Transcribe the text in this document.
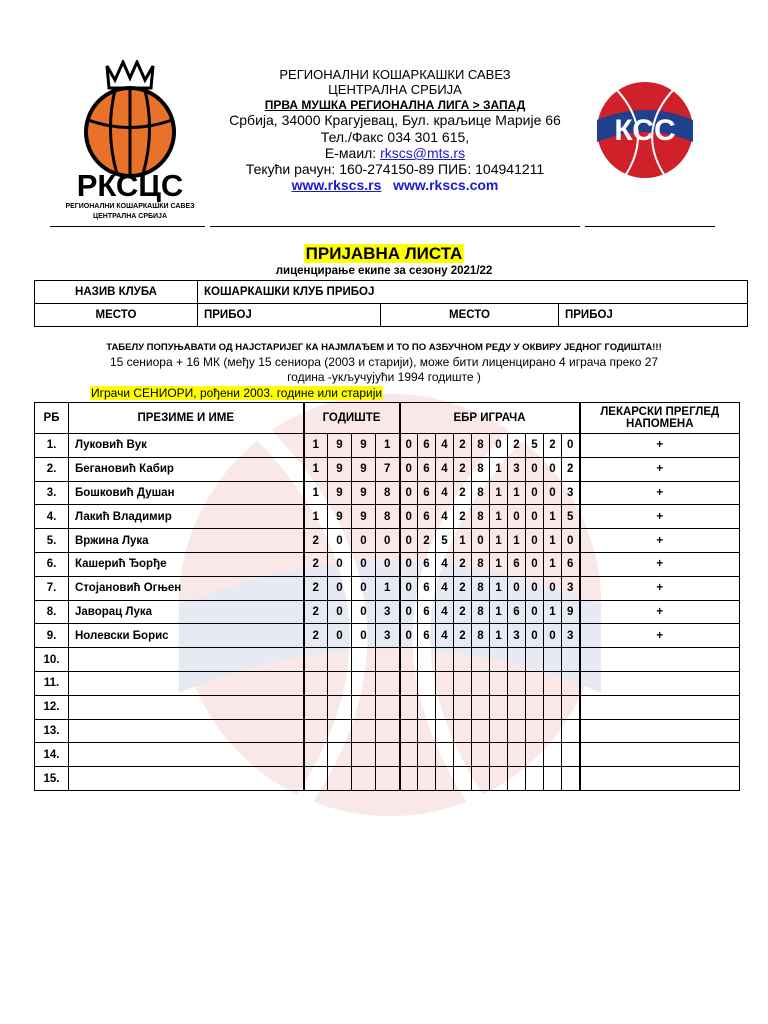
РКСЦС
РЕГИОНАЛНИ КОШАРКАШКИ САВЕЗ
ЦЕНТРАЛНА СРБИЈА
КСС
РЕГИОНАЛНИ КОШАРКАШКИ САВЕЗ
ЦЕНТРАЛНА СРБИЈА
ПРВА МУШКА РЕГИОНАЛНА ЛИГА > ЗАПАД
Србија, 34000 Крагујевац, Бул. краљице Марије 66
Тел./Факс 034 301 615,
Е-маил: rkscs@mts.rs
Текући рачун: 160-274150-89 ПИБ: 104941211
www.rkscs.rs www.rkscs.com
ПРИЈАВНА ЛИСТА
лиценцирање екипе за сезону 2021/22
НАЗИВ КЛУБА	КОШАРКАШКИ КЛУБ ПРИБОЈ		
МЕСТО	ПРИБОЈ	МЕСТО	ПРИБОЈ
ТАБЕЛУ ПОПУЊАВАТИ ОД НАЈСТАРИЈЕГ КА НАЈМЛАЂЕМ И ТО ПО АЗБУЧНОМ РЕДУ У ОКВИРУ ЈЕДНОГ ГОДИШТА!!!
15 сениора + 16 МК (међу 15 сениора (2003 и старији), може бити лиценцирано 4 играча преко 27
година -укључујући 1994 годиште )
Играчи СЕНИОРИ, рођени 2003. године или старији
РБ	ПРЕЗИМЕ И ИМЕ	ГОДИШТЕ				ЕБР ИГРАЧА										ЛЕКАРСКИ ПРЕГЛЕД
НАПОМЕНА

1.	Луковић Вук	1	9	9	1	0	6	4	2	8	0	2	5	2	0	+
2.	Бегановић Кабир	1	9	9	7	0	6	4	2	8	1	3	0	0	2	+
3.	Бошковић Душан	1	9	9	8	0	6	4	2	8	1	1	0	0	3	+
4.	Лакић Владимир	1	9	9	8	0	6	4	2	8	1	0	0	1	5	+
5.	Вржина Лука	2	0	0	0	0	2	5	1	0	1	1	0	1	0	+
6.	Кашерић Ђорђе	2	0	0	0	0	6	4	2	8	1	6	0	1	6	+
7.	Стојановић Огњен	2	0	0	1	0	6	4	2	8	1	0	0	0	3	+
8.	Јаворац Лука	2	0	0	3	0	6	4	2	8	1	6	0	1	9	+
9.	Нолевски Борис	2	0	0	3	0	6	4	2	8	1	3	0	0	3	+
10.																
11.																
12.																
13.																
14.																
15.																
